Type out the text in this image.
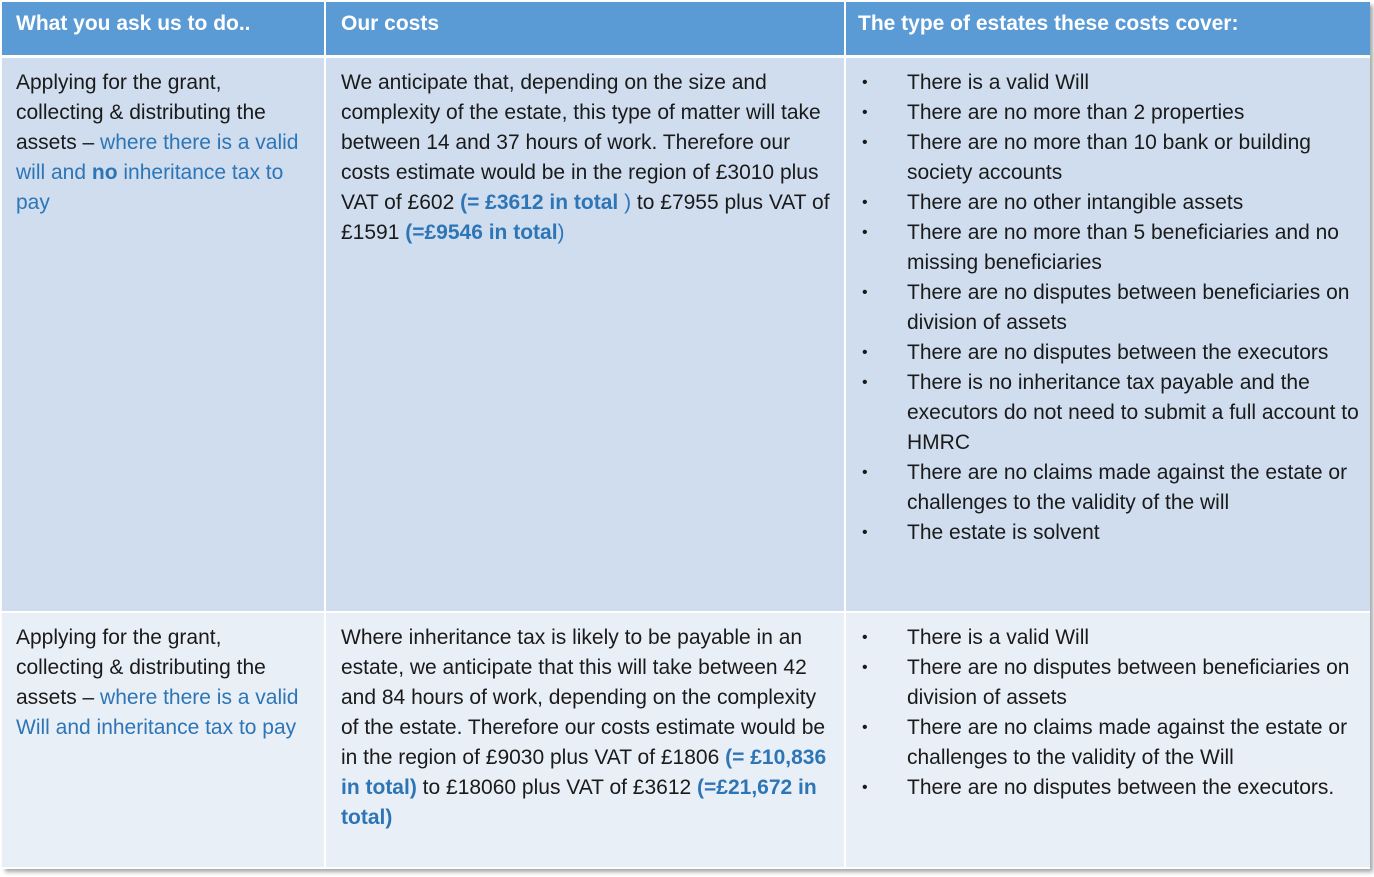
What you ask us to do..	Our costs	The type of estates these costs cover:
Applying for the grant, collecting & distributing the assets – where there is a valid will and no inheritance tax to pay
We anticipate that, depending on the size and complexity of the estate, this type of matter will take between 14 and 37 hours of work. Therefore our costs estimate would be in the region of £3010 plus VAT of £602 (= £3612 in total ) to £7955 plus VAT of £1591 (=£9546 in total)
• There is a valid Will
• There are no more than 2 properties
• There are no more than 10 bank or building society accounts
• There are no other intangible assets
• There are no more than 5 beneficiaries and no missing beneficiaries
• There are no disputes between beneficiaries on division of assets
• There are no disputes between the executors
• There is no inheritance tax payable and the executors do not need to submit a full account to HMRC
• There are no claims made against the estate or challenges to the validity of the will
• The estate is solvent
Applying for the grant, collecting & distributing the assets – where there is a valid Will and inheritance tax to pay
Where inheritance tax is likely to be payable in an estate, we anticipate that this will take between 42 and 84 hours of work, depending on the complexity of the estate. Therefore our costs estimate would be in the region of £9030 plus VAT of £1806 (= £10,836 in total) to £18060 plus VAT of £3612 (=£21,672 in total)
• There is a valid Will
• There are no disputes between beneficiaries on division of assets
• There are no claims made against the estate or challenges to the validity of the Will
• There are no disputes between the executors.
